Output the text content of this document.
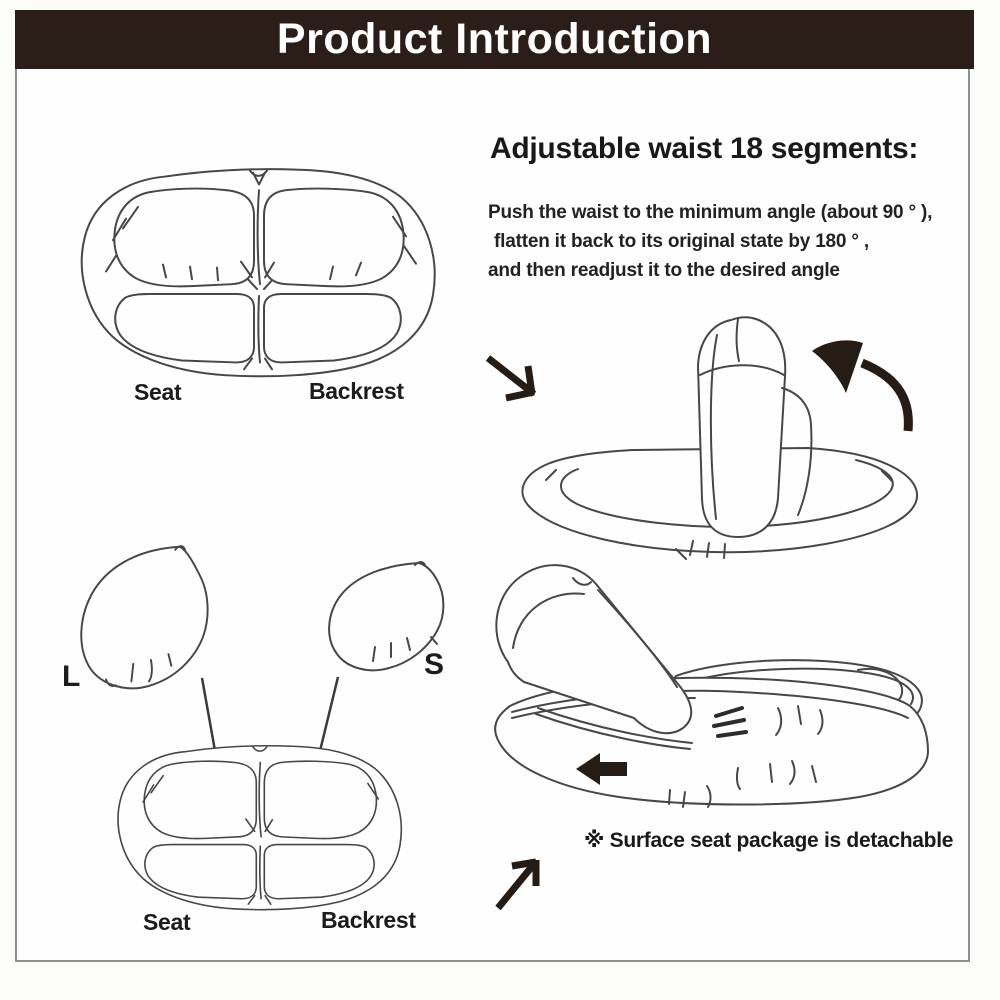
Product Introduction
Seat	Backrest
Adjustable waist 18 segments:
Push the waist to the minimum angle (about 90 ° ),
flatten it back to its original state by 180 ° ,
and then readjust it to the desired angle
L	S
Seat	Backrest
※ Surface seat package is detachable
